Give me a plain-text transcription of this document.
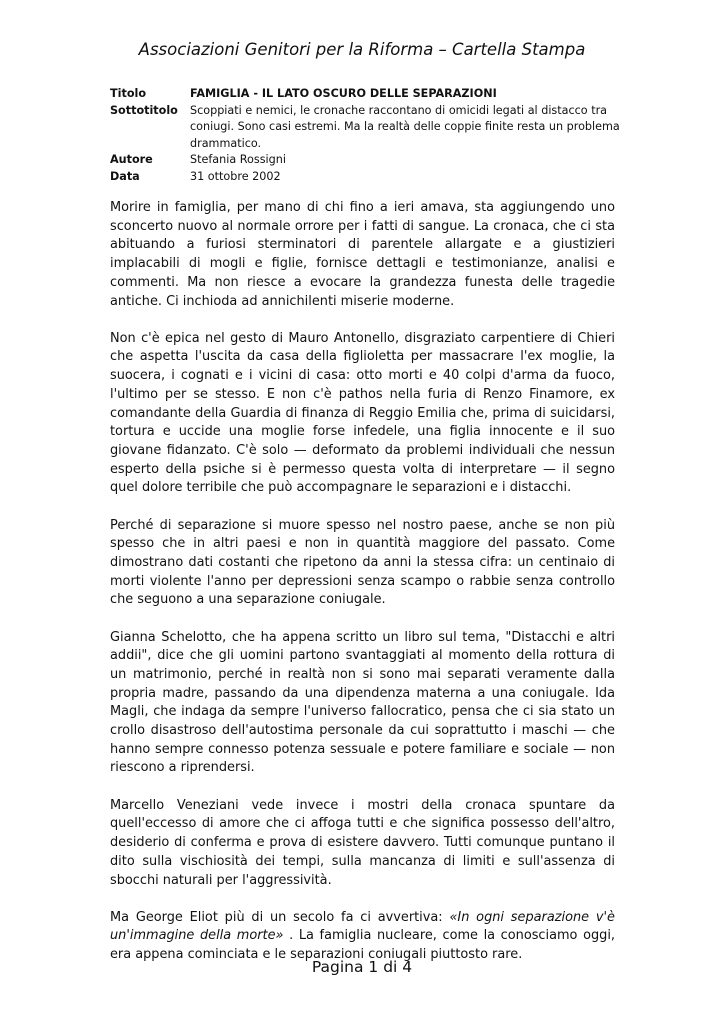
Associazioni Genitori per la Riforma – Cartella Stampa
Titolo	FAMIGLIA - IL LATO OSCURO DELLE SEPARAZIONI
Sottotitolo	Scoppiati e nemici, le cronache raccontano di omicidi legati al distacco tra coniugi. Sono casi estremi. Ma la realtà delle coppie finite resta un problema drammatico.
Autore	Stefania Rossigni
Data	31 ottobre 2002

Morire in famiglia, per mano di chi fino a ieri amava, sta aggiungendo uno sconcerto nuovo al normale orrore per i fatti di sangue. La cronaca, che ci sta abituando a furiosi sterminatori di parentele allargate e a giustizieri implacabili di mogli e figlie, fornisce dettagli e testimonianze, analisi e commenti. Ma non riesce a evocare la grandezza funesta delle tragedie antiche. Ci inchioda ad annichilenti miserie moderne.

Non c'è epica nel gesto di Mauro Antonello, disgraziato carpentiere di Chieri che aspetta l'uscita da casa della figlioletta per massacrare l'ex moglie, la suocera, i cognati e i vicini di casa: otto morti e 40 colpi d'arma da fuoco, l'ultimo per se stesso. E non c'è pathos nella furia di Renzo Finamore, ex comandante della Guardia di finanza di Reggio Emilia che, prima di suicidarsi, tortura e uccide una moglie forse infedele, una figlia innocente e il suo giovane fidanzato. C'è solo — deformato da problemi individuali che nessun esperto della psiche si è permesso questa volta di interpretare — il segno quel dolore terribile che può accompagnare le separazioni e i distacchi.

Perché di separazione si muore spesso nel nostro paese, anche se non più spesso che in altri paesi e non in quantità maggiore del passato. Come dimostrano dati costanti che ripetono da anni la stessa cifra: un centinaio di morti violente l'anno per depressioni senza scampo o rabbie senza controllo che seguono a una separazione coniugale.

Gianna Schelotto, che ha appena scritto un libro sul tema, "Distacchi e altri addii", dice che gli uomini partono svantaggiati al momento della rottura di un matrimonio, perché in realtà non si sono mai separati veramente dalla propria madre, passando da una dipendenza materna a una coniugale. Ida Magli, che indaga da sempre l'universo fallocratico, pensa che ci sia stato un crollo disastroso dell'autostima personale da cui soprattutto i maschi — che hanno sempre connesso potenza sessuale e potere familiare e sociale — non riescono a riprendersi.

Marcello Veneziani vede invece i mostri della cronaca spuntare da quell'eccesso di amore che ci affoga tutti e che significa possesso dell'altro, desiderio di conferma e prova di esistere davvero. Tutti comunque puntano il dito sulla vischiosità dei tempi, sulla mancanza di limiti e sull'assenza di sbocchi naturali per l'aggressività.

Ma George Eliot più di un secolo fa ci avvertiva: «In ogni separazione v'è un'immagine della morte» . La famiglia nucleare, come la conosciamo oggi, era appena cominciata e le separazioni coniugali piuttosto rare.

Pagina 1 di 4
